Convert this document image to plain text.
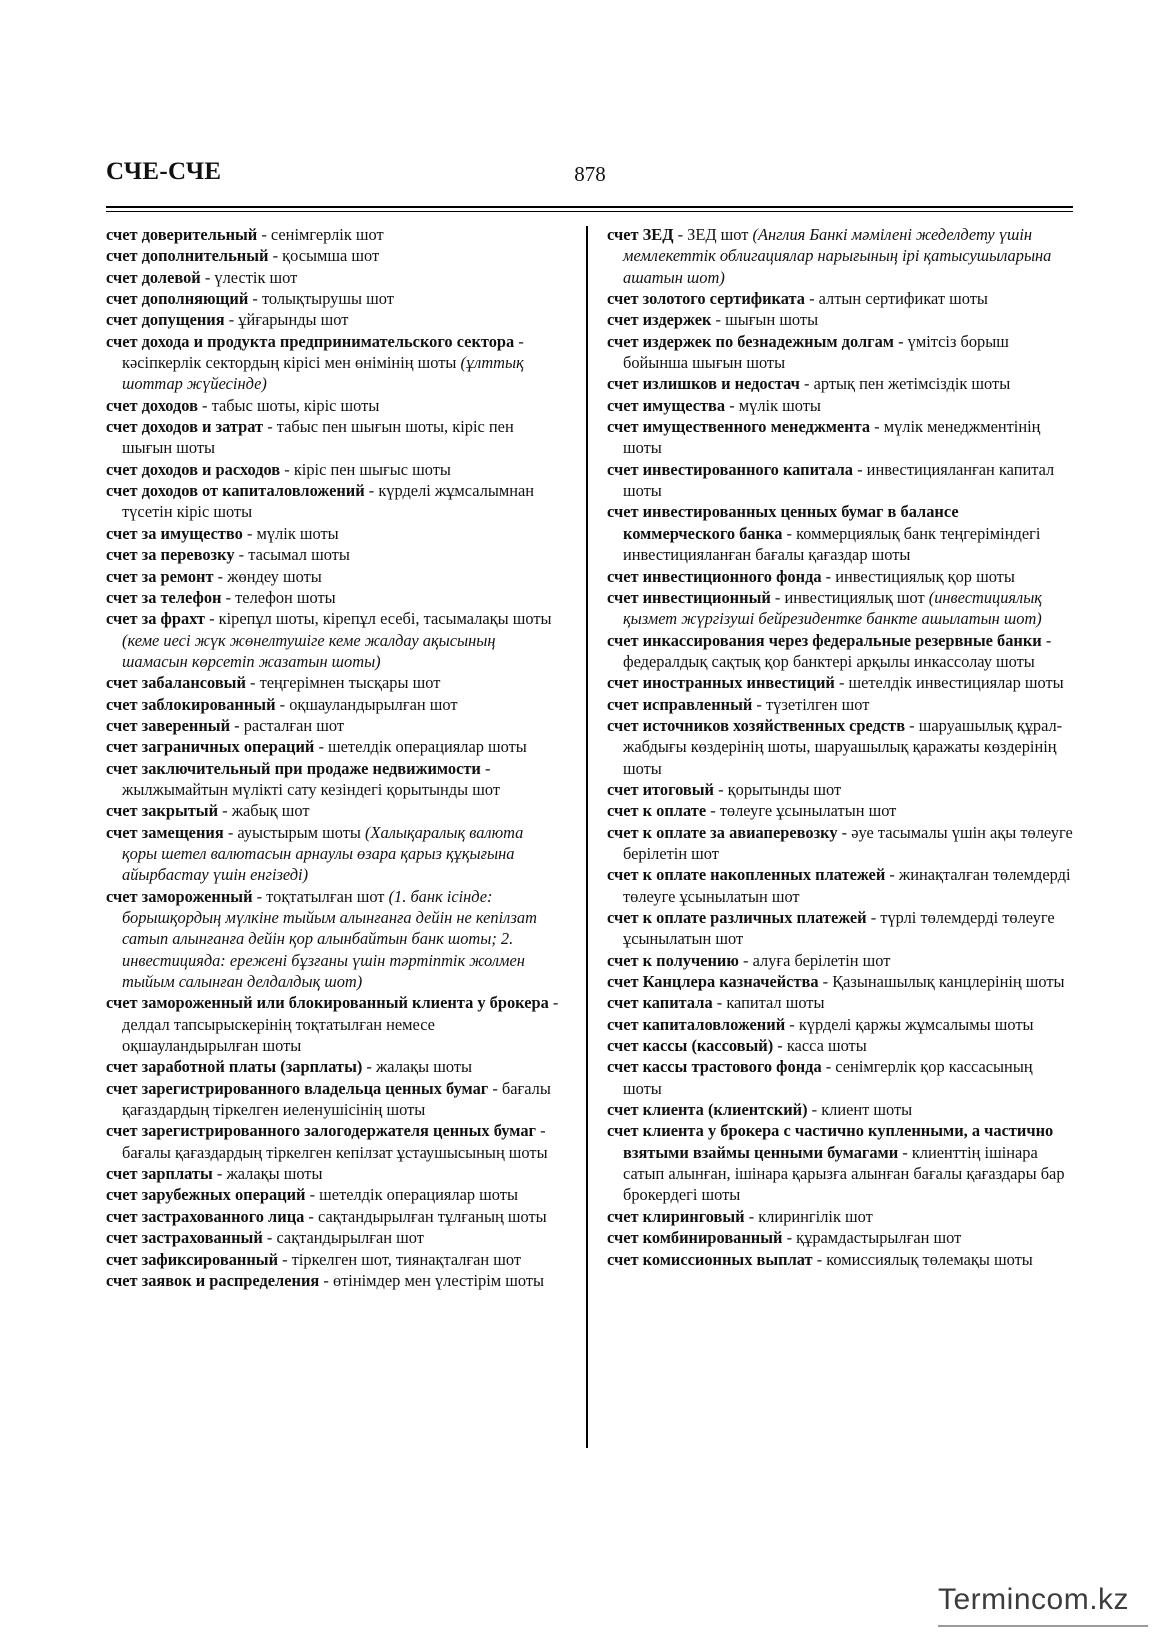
СЧЕ-СЧЕ	878

счет доверительный - сенімгерлік шот

счет дополнительный - қосымша шот

счет долевой - үлестік шот

счет дополняющий - толықтырушы шот

счет допущения - ұйғарынды шот

счет дохода и продукта предпринимательского сектора - кәсіпкерлік сектордың кірісі мен өнімінің шоты (ұлттық шоттар жүйесінде)

счет доходов - табыс шоты, кіріс шоты

счет доходов и затрат - табыс пен шығын шоты, кіріс пен шығын шоты

счет доходов и расходов - кіріс пен шығыс шоты

счет доходов от капиталовложений - күрделі жұмсалымнан түсетін кіріс шоты

счет за имущество - мүлік шоты

счет за перевозку - тасымал шоты

счет за ремонт - жөндеу шоты

счет за телефон - телефон шоты

счет за фрахт - кірепұл шоты, кірепұл есебі, тасымалақы шоты (кеме иесі жүк жөнелтушіге кеме жалдау ақысының шамасын көрсетіп жазатын шоты)

счет забалансовый - теңгерімнен тысқары шот

счет заблокированный - оқшауландырылған шот

счет заверенный - расталған шот

счет заграничных операций - шетелдік операциялар шоты

счет заключительный при продаже недвижимости - жылжымайтын мүлікті сату кезіндегі қорытынды шот

счет закрытый - жабық шот

счет замещения - ауыстырым шоты (Халықаралық валюта қоры шетел валютасын арнаулы өзара қарыз құқығына айырбастау үшін енгізеді)

счет замороженный - тоқтатылған шот (1. банк ісінде: борышқордың мүлкіне тыйым алынғанға дейін не кепілзат сатып алынғанға дейін қор алынбайтын банк шоты; 2. инвестицияда: ережені бұзғаны үшін тәртіптік жолмен тыйым салынған делдалдық шот)

счет замороженный или блокированный клиента у брокера - делдал тапсырыскерінің тоқтатылған немесе оқшауландырылған шоты

счет заработной платы (зарплаты) - жалақы шоты

счет зарегистрированного владельца ценных бумаг - бағалы қағаздардың тіркелген иеленушісінің шоты

счет зарегистрированного залогодержателя ценных бумаг - бағалы қағаздардың тіркелген кепілзат ұстаушысының шоты

счет зарплаты - жалақы шоты

счет зарубежных операций - шетелдік операциялар шоты

счет застрахованного лица - сақтандырылған тұлғаның шоты

счет застрахованный - сақтандырылған шот

счет зафиксированный - тіркелген шот, тиянақталған шот

счет заявок и распределения - өтінімдер мен үлестірім шоты

счет ЗЕД - ЗЕД шот (Англия Банкі мәмілені жеделдету үшін мемлекеттік облигациялар нарығының ірі қатысушыларына ашатын шот)

счет золотого сертификата - алтын сертификат шоты

счет издержек - шығын шоты

счет издержек по безнадежным долгам - үмітсіз борыш бойынша шығын шоты

счет излишков и недостач - артық пен жетімсіздік шоты

счет имущества - мүлік шоты

счет имущественного менеджмента - мүлік менеджментінің шоты

счет инвестированного капитала - инвестицияланған капитал шоты

счет инвестированных ценных бумаг в балансе коммерческого банка - коммерциялық банк теңгеріміндегі инвестицияланған бағалы қағаздар шоты

счет инвестиционного фонда - инвестициялық қор шоты

счет инвестиционный - инвестициялық шот (инвестициялық қызмет жүргізуші бейрезидентке банкте ашылатын шот)

счет инкассирования через федеральные резервные банки - федералдық сақтық қор банктері арқылы инкассолау шоты

счет иностранных инвестиций - шетелдік инвестициялар шоты

счет исправленный - түзетілген шот

счет источников хозяйственных средств - шаруашылық құрал-жабдығы көздерінің шоты, шаруашылық қаражаты көздерінің шоты

счет итоговый - қорытынды шот

счет к оплате - төлеуге ұсынылатын шот

счет к оплате за авиаперевозку - әуе тасымалы үшін ақы төлеуге берілетін шот

счет к оплате накопленных платежей - жинақталған төлемдерді төлеуге ұсынылатын шот

счет к оплате различных платежей - түрлі төлемдерді төлеуге ұсынылатын шот

счет к получению - алуға берілетін шот

счет Канцлера казначейства - Қазынашылық канцлерінің шоты

счет капитала - капитал шоты

счет капиталовложений - күрделі қаржы жұмсалымы шоты

счет кассы (кассовый) - касса шоты

счет кассы трастового фонда - сенімгерлік қор кассасының шоты

счет клиента (клиентский) - клиент шоты

счет клиента у брокера с частично купленными, а частично взятыми взаймы ценными бумагами - клиенттің ішінара сатып алынған, ішінара қарызға алынған бағалы қағаздары бар брокердегі шоты

счет клиринговый - клирингілік шот

счет комбинированный - құрамдастырылған шот

счет комиссионных выплат - комиссиялық төлемақы шоты

Termincom.kz
